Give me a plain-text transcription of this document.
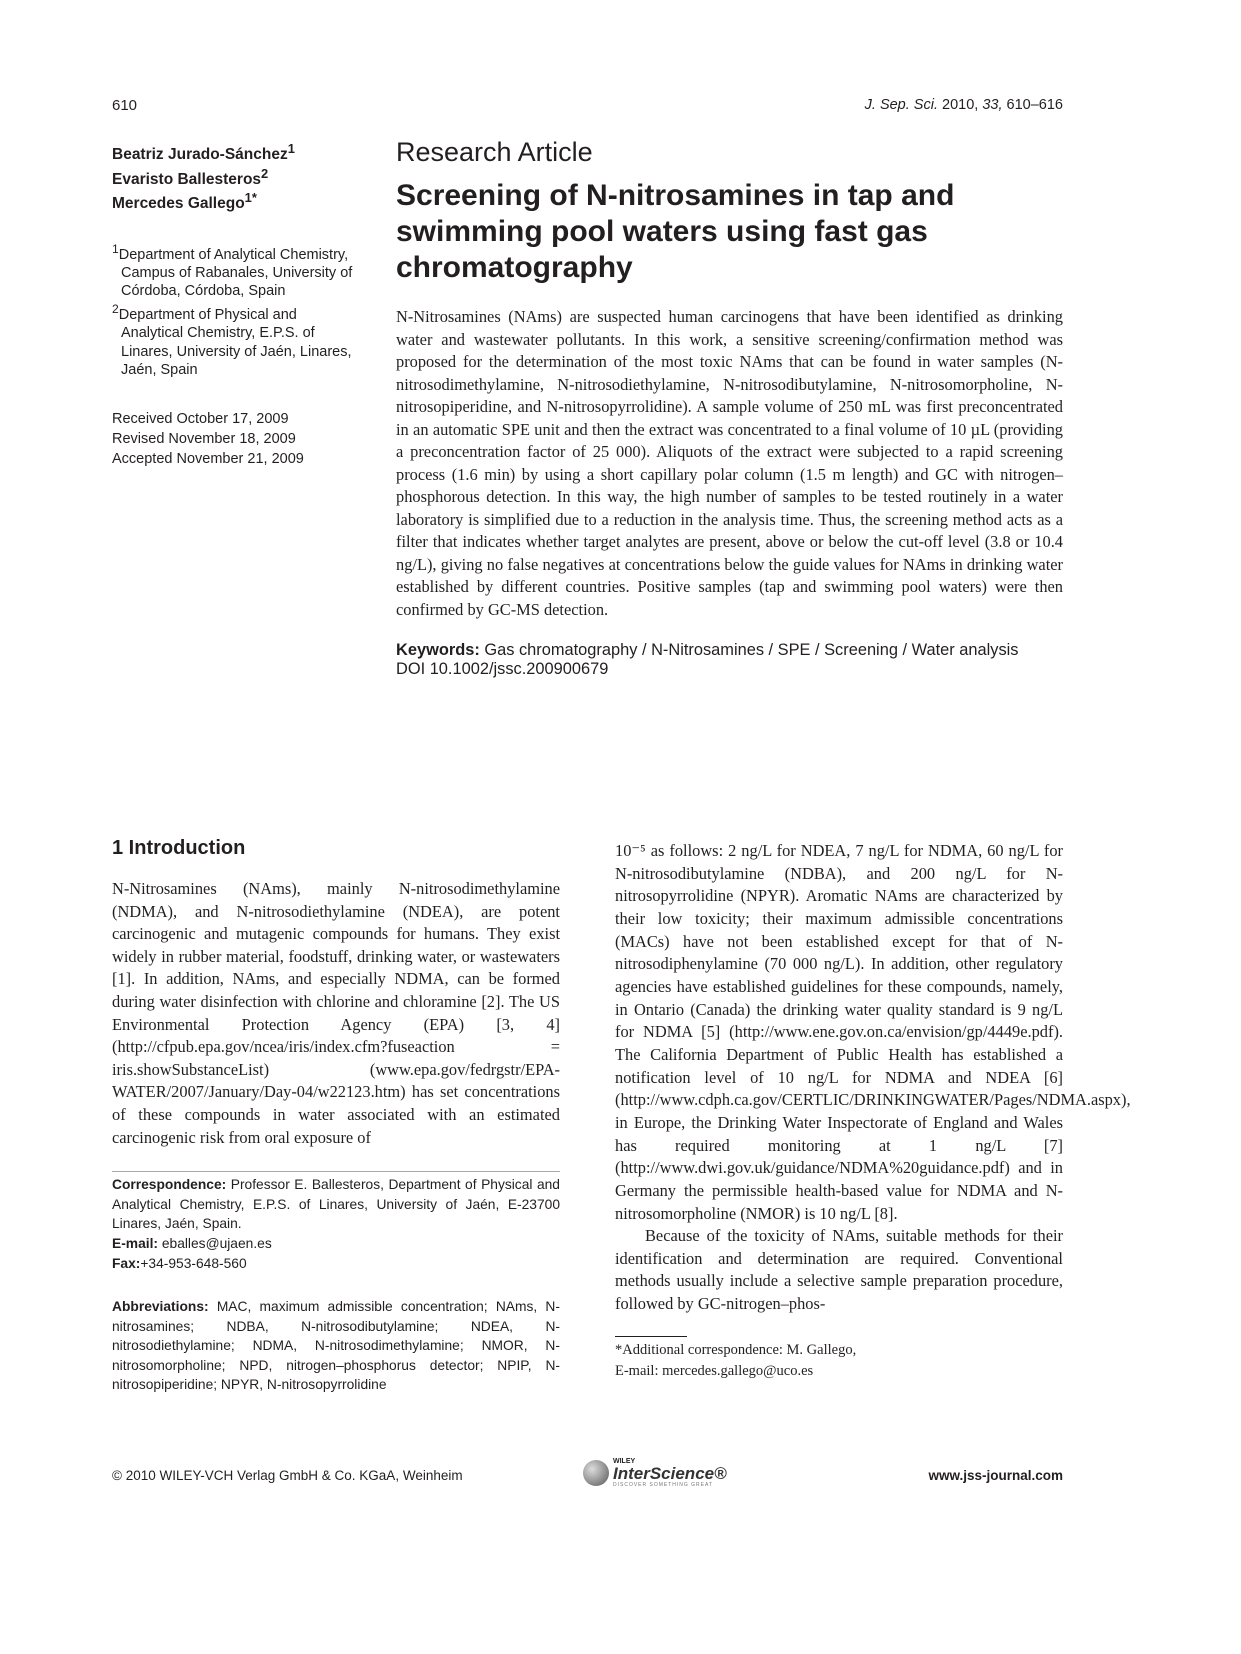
610	J. Sep. Sci. 2010, 33, 610–616
Beatriz Jurado-Sánchez$^1$
Evaristo Ballesteros$^2$
Mercedes Gallego$^{1*}$
$^1$Department of Analytical Chemistry, Campus of Rabanales, University of Córdoba, Córdoba, Spain
$^2$Department of Physical and Analytical Chemistry, E.P.S. of Linares, University of Jaén, Linares, Jaén, Spain
Received October 17, 2009
Revised November 18, 2009
Accepted November 21, 2009
Research Article
Screening of N-nitrosamines in tap and swimming pool waters using fast gas chromatography
N-Nitrosamines (NAms) are suspected human carcinogens that have been identified as drinking water and wastewater pollutants. In this work, a sensitive screening/confirmation method was proposed for the determination of the most toxic NAms that can be found in water samples (N-nitrosodimethylamine, N-nitrosodiethylamine, N-nitrosodibutylamine, N-nitrosomorpholine, N-nitrosopiperidine, and N-nitrosopyrrolidine). A sample volume of 250 mL was first preconcentrated in an automatic SPE unit and then the extract was concentrated to a final volume of 10 µL (providing a preconcentration factor of 25 000). Aliquots of the extract were subjected to a rapid screening process (1.6 min) by using a short capillary polar column (1.5 m length) and GC with nitrogen–phosphorous detection. In this way, the high number of samples to be tested routinely in a water laboratory is simplified due to a reduction in the analysis time. Thus, the screening method acts as a filter that indicates whether target analytes are present, above or below the cut-off level (3.8 or 10.4 ng/L), giving no false negatives at concentrations below the guide values for NAms in drinking water established by different countries. Positive samples (tap and swimming pool waters) were then confirmed by GC-MS detection.
Keywords: Gas chromatography / N-Nitrosamines / SPE / Screening / Water analysis
DOI 10.1002/jssc.200900679
1 Introduction
N-Nitrosamines (NAms), mainly N-nitrosodimethylamine (NDMA), and N-nitrosodiethylamine (NDEA), are potent carcinogenic and mutagenic compounds for humans. They exist widely in rubber material, foodstuff, drinking water, or wastewaters [1]. In addition, NAms, and especially NDMA, can be formed during water disinfection with chlorine and chloramine [2]. The US Environmental Protection Agency (EPA) [3, 4] (http://cfpub.epa.gov/ncea/iris/index.cfm?fuseaction = iris.showSubstanceList) (www.epa.gov/fedrgstr/EPA-WATER/2007/January/Day-04/w22123.htm) has set concentrations of these compounds in water associated with an estimated carcinogenic risk from oral exposure of
Correspondence: Professor E. Ballesteros, Department of Physical and Analytical Chemistry, E.P.S. of Linares, University of Jaén, E-23700 Linares, Jaén, Spain.
E-mail: eballes@ujaen.es
Fax:+34-953-648-560
Abbreviations: MAC, maximum admissible concentration; NAms, N-nitrosamines; NDBA, N-nitrosodibutylamine; NDEA, N-nitrosodiethylamine; NDMA, N-nitrosodimethylamine; NMOR, N-nitrosomorpholine; NPD, nitrogen–phosphorus detector; NPIP, N-nitrosopiperidine; NPYR, N-nitrosopyrrolidine

10⁻⁵ as follows: 2 ng/L for NDEA, 7 ng/L for NDMA, 60 ng/L for N-nitrosodibutylamine (NDBA), and 200 ng/L for N-nitrosopyrrolidine (NPYR). Aromatic NAms are characterized by their low toxicity; their maximum admissible concentrations (MACs) have not been established except for that of N-nitrosodiphenylamine (70 000 ng/L). In addition, other regulatory agencies have established guidelines for these compounds, namely, in Ontario (Canada) the drinking water quality standard is 9 ng/L for NDMA [5] (http://www.ene.gov.on.ca/envision/gp/4449e.pdf). The California Department of Public Health has established a notification level of 10 ng/L for NDMA and NDEA [6] (http://www.cdph.ca.gov/CERTLIC/DRINKINGWATER/Pages/NDMA.aspx), in Europe, the Drinking Water Inspectorate of England and Wales has required monitoring at 1 ng/L [7] (http://www.dwi.gov.uk/guidance/NDMA%20guidance.pdf) and in Germany the permissible health-based value for NDMA and N-nitrosomorpholine (NMOR) is 10 ng/L [8].

Because of the toxicity of NAms, suitable methods for their identification and determination are required. Conventional methods usually include a selective sample preparation procedure, followed by GC-nitrogen–phos-

*Additional correspondence: M. Gallego,
E-mail: mercedes.gallego@uco.es
© 2010 WILEY-VCH Verlag GmbH & Co. KGaA, Weinheim
WILEY
InterScience®
DISCOVER SOMETHING GREAT
www.jss-journal.com
